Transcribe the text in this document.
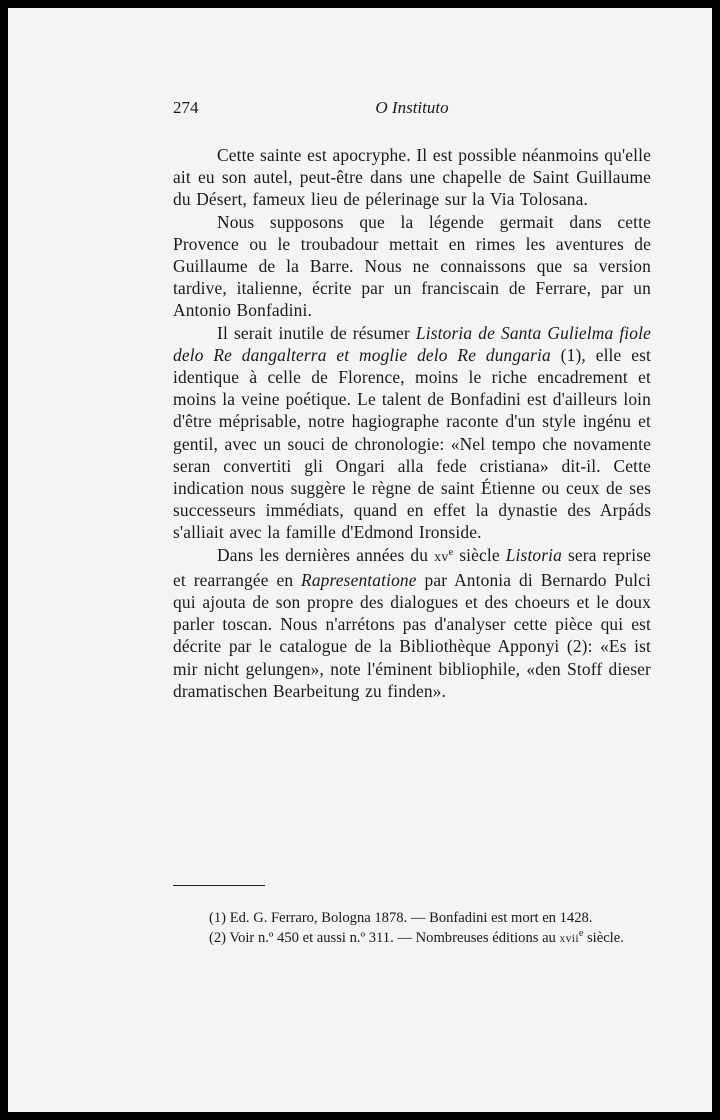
274	O Instituto

Cette sainte est apocryphe. Il est possible néanmoins qu'elle ait eu son autel, peut-être dans une chapelle de Saint Guillaume du Désert, fameux lieu de pélerinage sur la Via Tolosana.

Nous supposons que la légende germait dans cette Provence ou le troubadour mettait en rimes les aventures de Guillaume de la Barre. Nous ne connaissons que sa version tardive, italienne, écrite par un franciscain de Ferrare, par un Antonio Bonfadini.

Il serait inutile de résumer Listoria de Santa Gulielma fiole delo Re dangalterra et moglie delo Re dungaria (1), elle est identique à celle de Florence, moins le riche encadrement et moins la veine poétique. Le talent de Bonfadini est d'ailleurs loin d'être méprisable, notre hagiographe raconte d'un style ingénu et gentil, avec un souci de chronologie: «Nel tempo che novamente seran convertiti gli Ongari alla fede cristiana» dit-il. Cette indication nous suggère le règne de saint Étienne ou ceux de ses successeurs immédiats, quand en effet la dynastie des Arpáds s'alliait avec la famille d'Edmond Ironside.

Dans les dernières années du $xv^e$ siècle Listoria sera reprise et rearrangée en Rapresentatione par Antonia di Bernardo Pulci qui ajouta de son propre des dialogues et des choeurs et le doux parler toscan. Nous n'arrétons pas d'analyser cette pièce qui est décrite par le catalogue de la Bibliothèque Apponyi (2): «Es ist mir nicht gelungen», note l'éminent bibliophile, «den Stoff dieser dramatischen Bearbeitung zu finden».

(1) Ed. G. Ferraro, Bologna 1878. — Bonfadini est mort en 1428.

(2) Voir n.º 450 et aussi n.º 311. — Nombreuses éditions au xvii$^e$ siècle.
